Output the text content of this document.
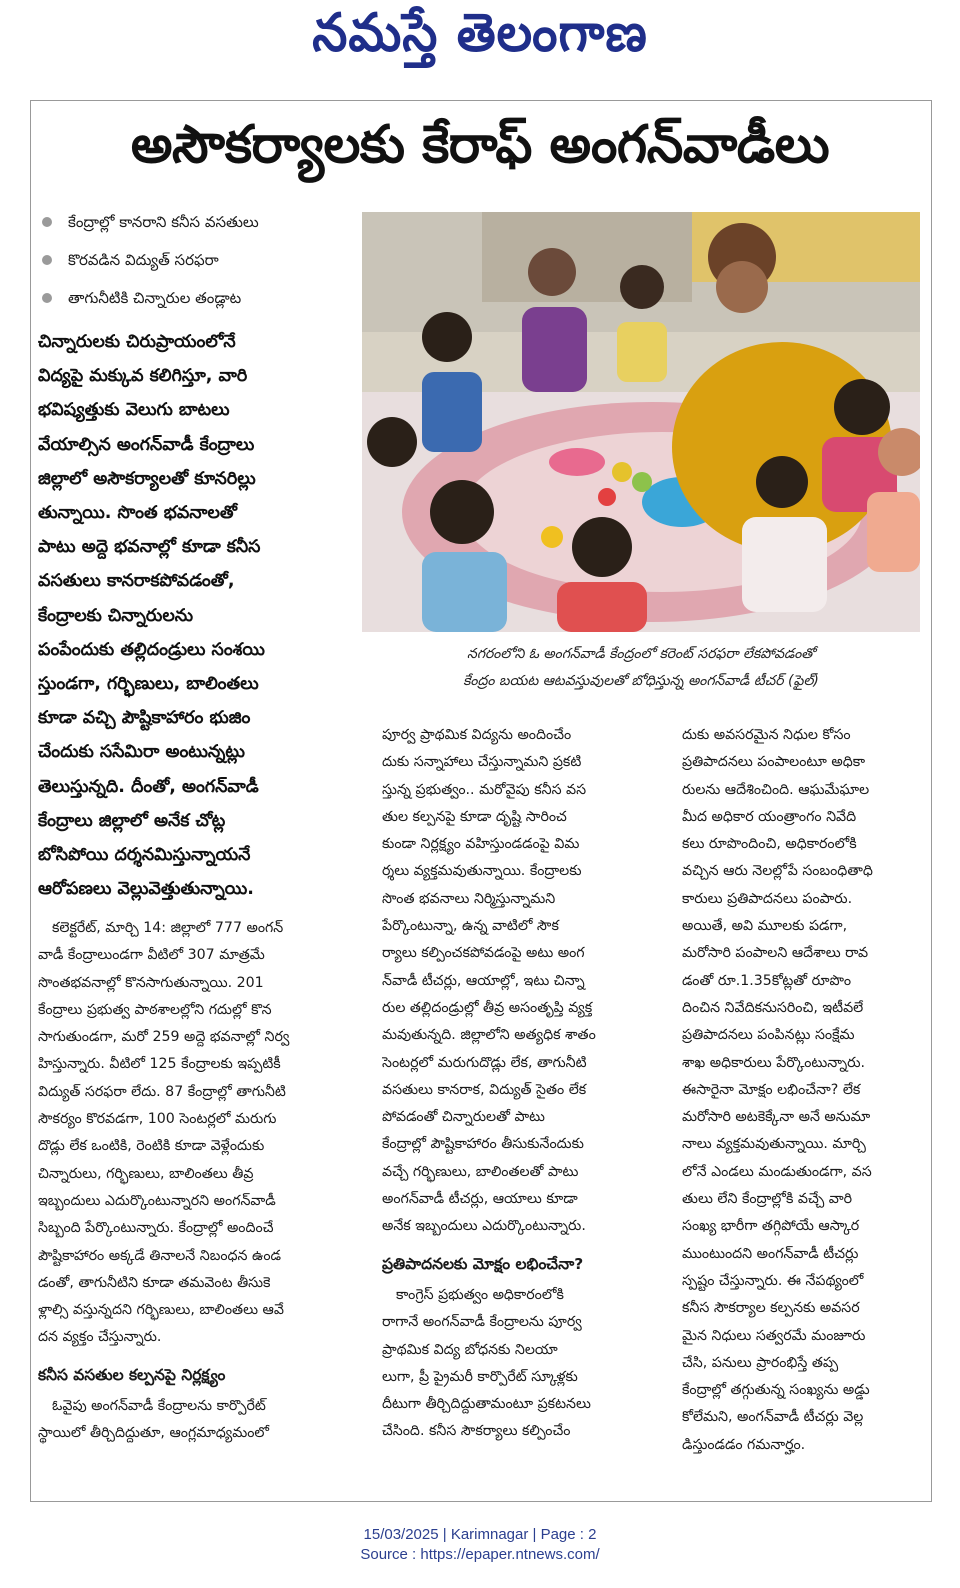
నమస్తే తెలంగాణ
అసౌకర్యాలకు కేరాఫ్ అంగన్‌వాడీలు
కేంద్రాల్లో కానరాని కనీస వసతులు
కొరవడిన విద్యుత్ సరఫరా
తాగునీటికి చిన్నారుల తండ్లాట
చిన్నారులకు చిరుప్రాయంలోనే
విద్యపై మక్కువ కలిగిస్తూ, వారి
భవిష్యత్తుకు వెలుగు బాటలు
వేయాల్సిన అంగన్‌వాడీ కేంద్రాలు
జిల్లాలో అసౌకర్యాలతో కూనరిల్లు
తున్నాయి. సొంత భవనాలతో
పాటు అద్దె భవనాల్లో కూడా కనీస
వసతులు కానరాకపోవడంతో,
కేంద్రాలకు చిన్నారులను
పంపేందుకు తల్లిదండ్రులు సంశయి
స్తుండగా, గర్భిణులు, బాలింతలు
కూడా వచ్చి పౌష్టికాహారం భుజిం
చేందుకు ససేమిరా అంటున్నట్లు
తెలుస్తున్నది. దీంతో, అంగన్‌వాడీ
కేంద్రాలు జిల్లాలో అనేక చోట్ల
బోసిపోయి దర్శనమిస్తున్నాయనే
ఆరోపణలు వెల్లువెత్తుతున్నాయి.
నగరంలోని ఓ అంగన్‌వాడీ కేంద్రంలో కరెంట్ సరఫరా లేకపోవడంతో
కేంద్రం బయట ఆటవస్తువులతో బోధిస్తున్న అంగన్‌వాడీ టీచర్ (ఫైల్)
కలెక్టరేట్, మార్చి 14: జిల్లాలో 777 అంగన్
వాడీ కేంద్రాలుండగా వీటిలో 307 మాత్రమే
సొంతభవనాల్లో కొనసాగుతున్నాయి. 201
కేంద్రాలు ప్రభుత్వ పాఠశాలల్లోని గదుల్లో కొన
సాగుతుండగా, మరో 259 అద్దె భవనాల్లో నిర్వ
హిస్తున్నారు. వీటిలో 125 కేంద్రాలకు ఇప్పటికీ
విద్యుత్ సరఫరా లేదు. 87 కేంద్రాల్లో తాగునీటి
సౌకర్యం కొరవడగా, 100 సెంటర్లలో మరుగు
దొడ్లు లేక ఒంటికి, రెంటికి కూడా వెళ్లేందుకు
చిన్నారులు, గర్భిణులు, బాలింతలు తీవ్ర
ఇబ్బందులు ఎదుర్కొంటున్నారని అంగన్‌వాడీ
సిబ్బంది పేర్కొంటున్నారు. కేంద్రాల్లో అందించే
పౌష్టికాహారం అక్కడే తినాలనే నిబంధన ఉండ
డంతో, తాగునీటిని కూడా తమవెంట తీసుకె
ళ్లాల్సి వస్తున్నదని గర్భిణులు, బాలింతలు ఆవే
దన వ్యక్తం చేస్తున్నారు.
కనీస వసతుల కల్పనపై నిర్లక్ష్యం
ఓవైపు అంగన్‌వాడీ కేంద్రాలను కార్పొరేట్
స్థాయిలో తీర్చిదిద్దుతూ, ఆంగ్లమాధ్యమంలో
పూర్వ ప్రాథమిక విద్యను అందించేం
దుకు సన్నాహాలు చేస్తున్నామని ప్రకటి
స్తున్న ప్రభుత్వం.. మరోవైపు కనీస వస
తుల కల్పనపై కూడా దృష్టి సారించ
కుండా నిర్లక్ష్యం వహిస్తుండడంపై విమ
ర్శలు వ్యక్తమవుతున్నాయి. కేంద్రాలకు
సొంత భవనాలు నిర్మిస్తున్నామని
పేర్కొంటున్నా, ఉన్న వాటిలో సౌక
ర్యాలు కల్పించకపోవడంపై అటు అంగ
న్‌వాడీ టీచర్లు, ఆయాల్లో, ఇటు చిన్నా
రుల తల్లిదండ్రుల్లో తీవ్ర అసంతృప్తి వ్యక్త
మవుతున్నది. జిల్లాలోని అత్యధిక శాతం
సెంటర్లలో మరుగుదొడ్లు లేక, తాగునీటి
వసతులు కానరాక, విద్యుత్ సైతం లేక
పోవడంతో చిన్నారులతో పాటు
కేంద్రాల్లో పౌష్టికాహారం తీసుకునేందుకు
వచ్చే గర్భిణులు, బాలింతలతో పాటు
అంగన్‌వాడీ టీచర్లు, ఆయాలు కూడా
అనేక ఇబ్బందులు ఎదుర్కొంటున్నారు.
ప్రతిపాదనలకు మోక్షం లభించేనా?
కాంగ్రెస్ ప్రభుత్వం అధికారంలోకి
రాగానే అంగన్‌వాడీ కేంద్రాలను పూర్వ
ప్రాథమిక విద్య బోధనకు నిలయా
లుగా, ప్రీ ప్రైమరీ కార్పొరేట్ స్కూళ్లకు
దీటుగా తీర్చిదిద్దుతామంటూ ప్రకటనలు
చేసింది. కనీస సౌకర్యాలు కల్పించేం
దుకు అవసరమైన నిధుల కోసం
ప్రతిపాదనలు పంపాలంటూ అధికా
రులను ఆదేశించింది. ఆఘమేఘాల
మీద అధికార యంత్రాంగం నివేది
కలు రూపొందించి, అధికారంలోకి
వచ్చిన ఆరు నెలల్లోపే సంబంధితాధి
కారులు ప్రతిపాదనలు పంపారు.
అయితే, అవి మూలకు పడగా,
మరోసారి పంపాలని ఆదేశాలు రావ
డంతో రూ.1.35కోట్లతో రూపొం
దించిన నివేదికనుసరించి, ఇటీవలే
ప్రతిపాదనలు పంపినట్లు సంక్షేమ
శాఖ అధికారులు పేర్కొంటున్నారు.
ఈసారైనా మోక్షం లభించేనా? లేక
మరోసారి అటకెక్కేనా అనే అనుమా
నాలు వ్యక్తమవుతున్నాయి. మార్చి
లోనే ఎండలు మండుతుండగా, వస
తులు లేని కేంద్రాల్లోకి వచ్చే వారి
సంఖ్య భారీగా తగ్గిపోయే ఆస్కార
ముంటుందని అంగన్‌వాడీ టీచర్లు
స్పష్టం చేస్తున్నారు. ఈ నేపథ్యంలో
కనీస సౌకర్యాల కల్పనకు అవసర
మైన నిధులు సత్వరమే మంజూరు
చేసి, పనులు ప్రారంభిస్తే తప్ప
కేంద్రాల్లో తగ్గుతున్న సంఖ్యను అడ్డు
కోలేమని, అంగన్‌వాడీ టీచర్లు వెల్ల
డిస్తుండడం గమనార్హం.
15/03/2025 | Karimnagar | Page : 2
Source : https://epaper.ntnews.com/
